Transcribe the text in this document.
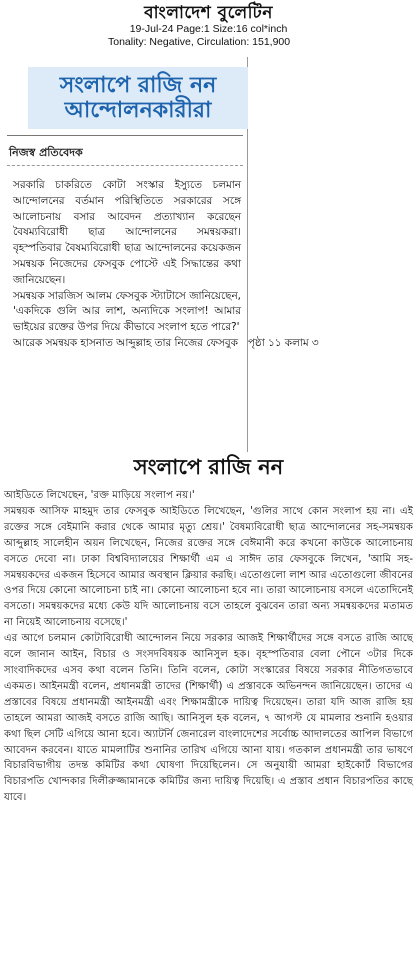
বাংলাদেশ বুলেটিন
19-Jul-24 Page:1 Size:16 col*inch
Tonality: Negative, Circulation: 151,900
সংলাপে রাজি নন
আন্দোলনকারীরা
নিজস্ব প্রতিবেদক

সরকারি চাকরিতে কোটা সংস্কার ইস্যুতে চলমান আন্দোলনের বর্তমান পরিস্থিতিতে সরকারের সঙ্গে আলোচনায় বসার আবেদন প্রত্যাখ্যান করেছেন বৈষম্যবিরোধী ছাত্র আন্দোলনের সমন্বয়করা। বৃহস্পতিবার বৈষম্যবিরোধী ছাত্র আন্দোলনের কয়েকজন সমন্বয়ক নিজেদের ফেসবুক পোস্টে এই সিদ্ধান্তের কথা জানিয়েছেন।

সমন্বয়ক সারজিস আলম ফেসবুক স্ট্যাটাসে জানিয়েছেন, 'একদিকে গুলি আর লাশ, অন্যদিকে সংলাপ! আমার ভাইয়ের রক্তের উপর দিয়ে কীভাবে সংলাপ হতে পারে?'

আরেক সমন্বয়ক হাসনাত আব্দুল্লাহ তার নিজের ফেসবুক পৃষ্ঠা ১১ কলাম ৩
সংলাপে রাজি নন

আইডিতে লিখেছেন, 'রক্ত মাড়িয়ে সংলাপ নয়।'

সমন্বয়ক আসিফ মাহমুদ তার ফেসবুক আইডিতে লিখেছেন, 'গুলির সাথে কোন সংলাপ হয় না। এই রক্তের সঙ্গে বেইমানি করার থেকে আমার মৃত্যু শ্রেয়।' বৈষম্যবিরোধী ছাত্র আন্দোলনের সহ-সমন্বয়ক আব্দুল্লাহ সালেহীন অয়ন লিখেছেন, নিজের রক্তের সঙ্গে বেঈমানী করে কখনো কাউকে আলোচনায় বসতে দেবো না। ঢাকা বিশ্ববিদ্যালয়ের শিক্ষার্থী এম এ সাঈদ তার ফেসবুকে লিখেন, 'আমি সহ-সমন্বয়কদের একজন হিসেবে আমার অবস্থান ক্লিয়ার করছি। এতোগুলো লাশ আর এতোগুলো জীবনের ওপর দিয়ে কোনো আলোচনা চাই না। কোনো আলোচনা হবে না। তারা আলোচনায় বসলে এতোদিনেই বসতো। সমন্বয়কদের মধ্যে কেউ যদি আলোচনায় বসে তাহলে বুঝবেন তারা অন্য সমন্বয়কদের মতামত না নিয়েই আলোচনায় বসেছে।'

এর আগে চলমান কোটাবিরোধী আন্দোলন নিয়ে সরকার আজই শিক্ষার্থীদের সঙ্গে বসতে রাজি আছে বলে জানান আইন, বিচার ও সংসদবিষয়ক আনিসুল হক। বৃহস্পতিবার বেলা পৌনে ৩টার দিকে সাংবাদিকদের এসব কথা বলেন তিনি। তিনি বলেন, কোটা সংস্কারের বিষয়ে সরকার নীতিগতভাবে একমত। আইনমন্ত্রী বলেন, প্রধানমন্ত্রী তাদের (শিক্ষার্থী) এ প্রস্তাবকে অভিনন্দন জানিয়েছেন। তাদের এ প্রস্তাবের বিষয়ে প্রধানমন্ত্রী আইনমন্ত্রী এবং শিক্ষামন্ত্রীকে দায়িত্ব দিয়েছেন। তারা যদি আজ রাজি হয় তাহলে আমরা আজই বসতে রাজি আছি। আনিসুল হক বলেন, ৭ আগস্ট যে মামলার শুনানি হওয়ার কথা ছিল সেটি এগিয়ে আনা হবে। অ্যাটর্নি জেনারেল বাংলাদেশের সর্বোচ্চ আদালতের আপিল বিভাগে আবেদন করবেন। যাতে মামলাটির শুনানির তারিখ এগিয়ে আনা যায়। গতকাল প্রধানমন্ত্রী তার ভাষণে বিচারবিভাগীয় তদন্ত কমিটির কথা ঘোষণা দিয়েছিলেন। সে অনুযায়ী আমরা হাইকোর্ট বিভাগের বিচারপতি খোন্দকার দিলীরুজ্জামানকে কমিটির জন্য দায়িত্ব দিয়েছি। এ প্রস্তাব প্রধান বিচারপতির কাছে যাবে।
